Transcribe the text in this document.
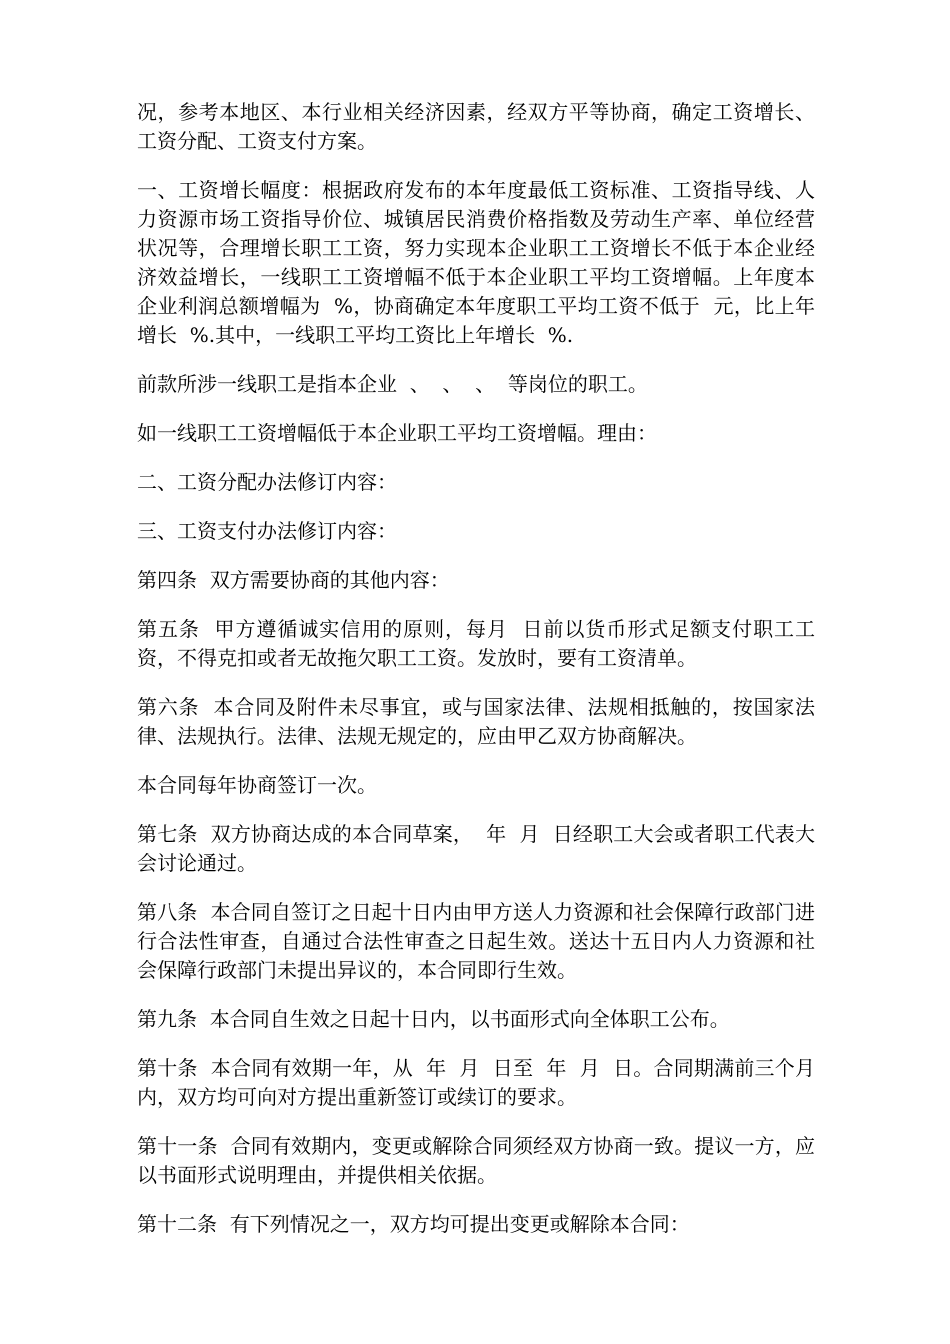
况，参考本地区、本行业相关经济因素，经双方平等协商，确定工资增长、工资分配、工资支付方案。

一、工资增长幅度：根据政府发布的本年度最低工资标准、工资指导线、人力资源市场工资指导价位、城镇居民消费价格指数及劳动生产率、单位经营状况等，合理增长职工工资，努力实现本企业职工工资增长不低于本企业经济效益增长，一线职工工资增幅不低于本企业职工平均工资增幅。上年度本企业利润总额增幅为  %，协商确定本年度职工平均工资不低于  元，比上年增长  %.其中，一线职工平均工资比上年增长  %.

前款所涉一线职工是指本企业  、  、  、  等岗位的职工。

如一线职工工资增幅低于本企业职工平均工资增幅。理由：

二、工资分配办法修订内容：

三、工资支付办法修订内容：

第四条  双方需要协商的其他内容：

第五条  甲方遵循诚实信用的原则，每月  日前以货币形式足额支付职工工资，不得克扣或者无故拖欠职工工资。发放时，要有工资清单。

第六条  本合同及附件未尽事宜，或与国家法律、法规相抵触的，按国家法律、法规执行。法律、法规无规定的，应由甲乙双方协商解决。

本合同每年协商签订一次。

第七条  双方协商达成的本合同草案，  年  月  日经职工大会或者职工代表大会讨论通过。

第八条  本合同自签订之日起十日内由甲方送人力资源和社会保障行政部门进行合法性审查，自通过合法性审查之日起生效。送达十五日内人力资源和社会保障行政部门未提出异议的，本合同即行生效。

第九条  本合同自生效之日起十日内，以书面形式向全体职工公布。

第十条  本合同有效期一年，从  年  月  日至  年  月  日。合同期满前三个月内，双方均可向对方提出重新签订或续订的要求。

第十一条  合同有效期内，变更或解除合同须经双方协商一致。提议一方，应以书面形式说明理由，并提供相关依据。

第十二条  有下列情况之一，双方均可提出变更或解除本合同：
